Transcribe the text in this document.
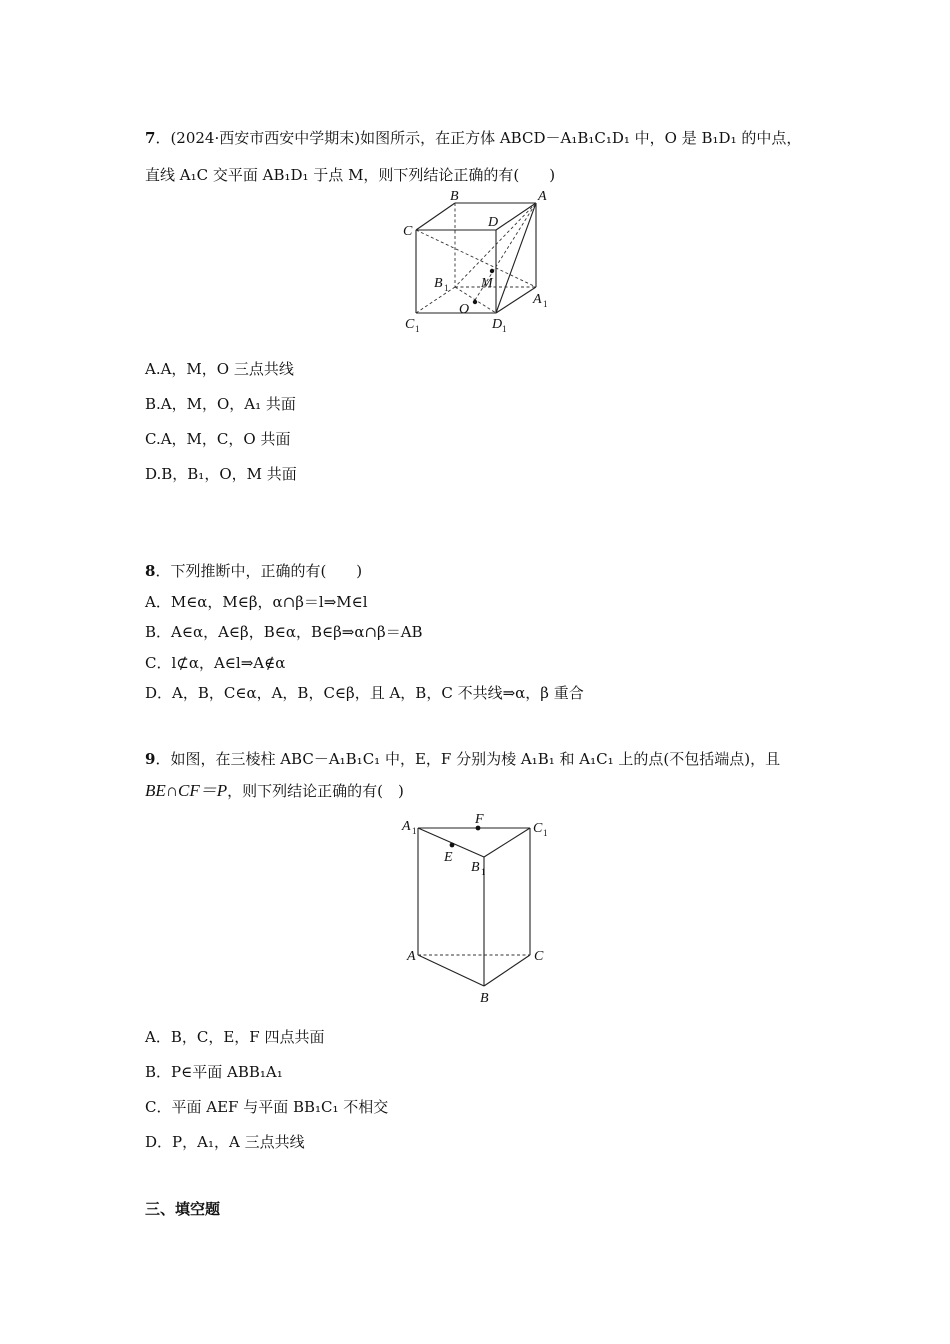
7．(2024·西安市西安中学期末)如图所示，在正方体 ABCD－A₁B₁C₁D₁ 中，O 是 B₁D₁ 的中点，
直线 A₁C 交平面 AB₁D₁ 于点 M，则下列结论正确的有(　　)
B	A
D
C
M
B 1
A 1
O
C 1	D 1
A.A，M，O 三点共线
B.A，M，O，A₁ 共面
C.A，M，C，O 共面
D.B，B₁，O，M 共面
8．下列推断中，正确的有(　　)
A．M∈α，M∈β，α∩β＝l⇒M∈l
B．A∈α，A∈β，B∈α，B∈β⇒α∩β＝AB
C．l⊄α，A∈l⇒A∉α
D．A，B，C∈α，A，B，C∈β，且 A，B，C 不共线⇒α，β 重合
9．如图，在三棱柱 ABC－A₁B₁C₁ 中，E，F 分别为棱 A₁B₁ 和 A₁C₁ 上的点(不包括端点)，且
BE∩CF＝P，则下列结论正确的有(　)
A 1
F
C 1
E
B 1
A	C
B
A．B，C，E，F 四点共面
B．P∈平面 ABB₁A₁
C．平面 AEF 与平面 BB₁C₁ 不相交
D．P，A₁，A 三点共线
三、填空题
